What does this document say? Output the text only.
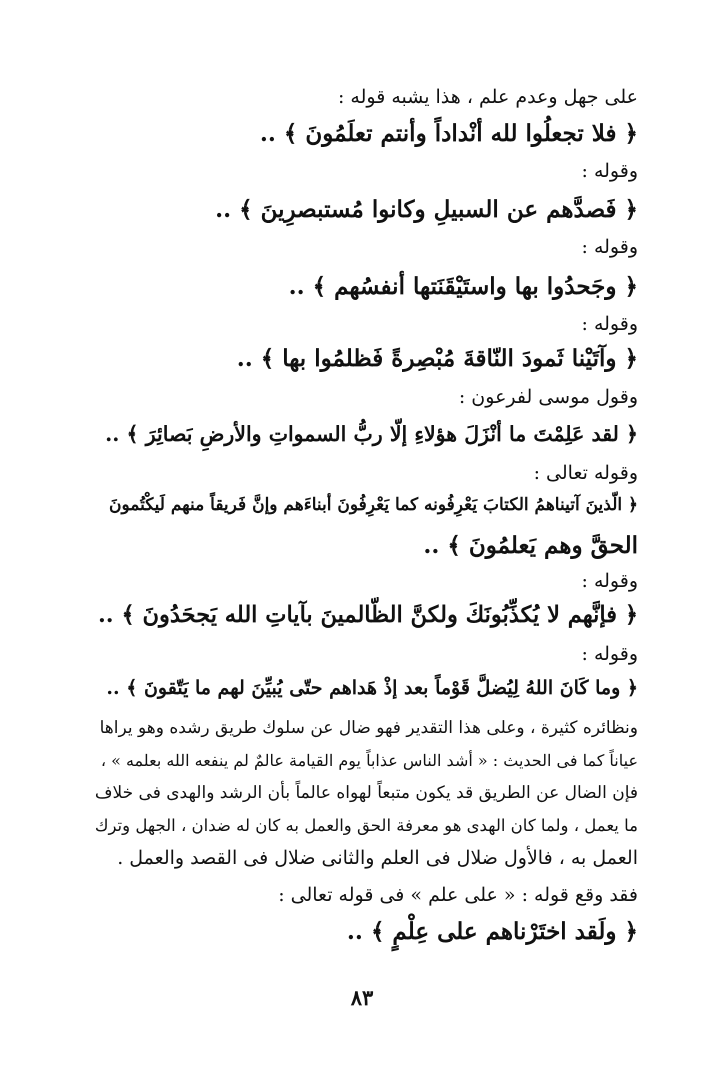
على جهل وعدم علم ، هذا يشبه قوله :

﴿ فلا تجعلُوا لله أنْداداً وأنتم تعلَمُونَ ﴾ ..

وقوله :

﴿ فَصدَّهم عن السبيلِ وكانوا مُستبصرِينَ ﴾ ..

وقوله :

﴿ وجَحدُوا بها واستَيْقَنَتها أنفسُهم ﴾ ..

وقوله :

﴿ وآتَيْنا ثَمودَ النّاقةَ مُبْصِرةً فَظلمُوا بها ﴾ ..

وقول موسى لفرعون :

﴿ لقد عَلِمْتَ ما أنْزَلَ هؤلاءِ إلّا ربُّ السمواتِ والأرضِ بَصائِرَ ﴾ ..

وقوله تعالى :

﴿ الّذينَ آتيناهمُ الكتابَ يَعْرِفُونه كما يَعْرِفُونَ أبناءَهم وإنَّ فَريقاً منهم لَيكْتُمونَ

الحقَّ وهم يَعلمُونَ ﴾ ..

وقوله :

﴿ فإنَّهم لا يُكذِّبُونَكَ ولكنَّ الظّالمينَ بآياتِ الله يَجحَدُونَ ﴾ ..

وقوله :

﴿ وما كَانَ اللهُ لِيُضلَّ قَوْماً بعد إذْ هَداهم حتّى يُبيِّنَ لهم ما يَتّقونَ ﴾ ..

ونظائره كثيرة ، وعلى هذا التقدير فهو ضال عن سلوك طريق رشده وهو يراها
عياناً كما فى الحديث : « أشد الناس عذاباً يوم القيامة عالمٌ لم ينفعه الله بعلمه » ،
فإن الضال عن الطريق قد يكون متبعاً لهواه عالماً بأن الرشد والهدى فى خلاف
ما يعمل ، ولما كان الهدى هو معرفة الحق والعمل به كان له ضدان ، الجهل وترك
العمل به ، فالأول ضلال فى العلم والثانى ضلال فى القصد والعمل .

فقد وقع قوله : « على علم » فى قوله تعالى :

﴿ ولَقد اختَرْناهم على عِلْمٍ ﴾ ..

٨٣
